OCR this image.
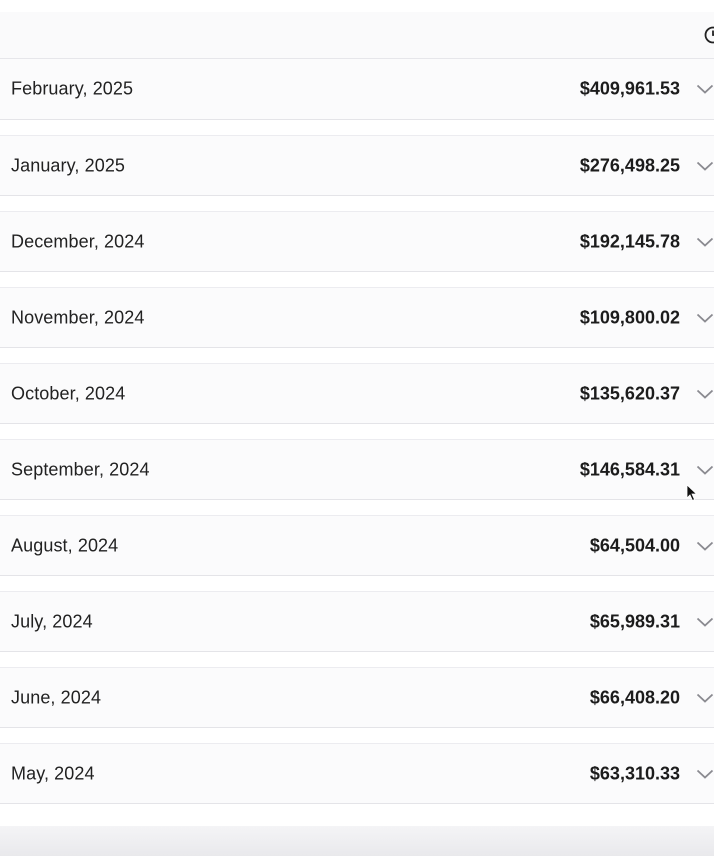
February, 2025	$409,961.53
January, 2025	$276,498.25
December, 2024	$192,145.78
November, 2024	$109,800.02
October, 2024	$135,620.37
September, 2024	$146,584.31
August, 2024	$64,504.00
July, 2024	$65,989.31
June, 2024	$66,408.20
May, 2024	$63,310.33
